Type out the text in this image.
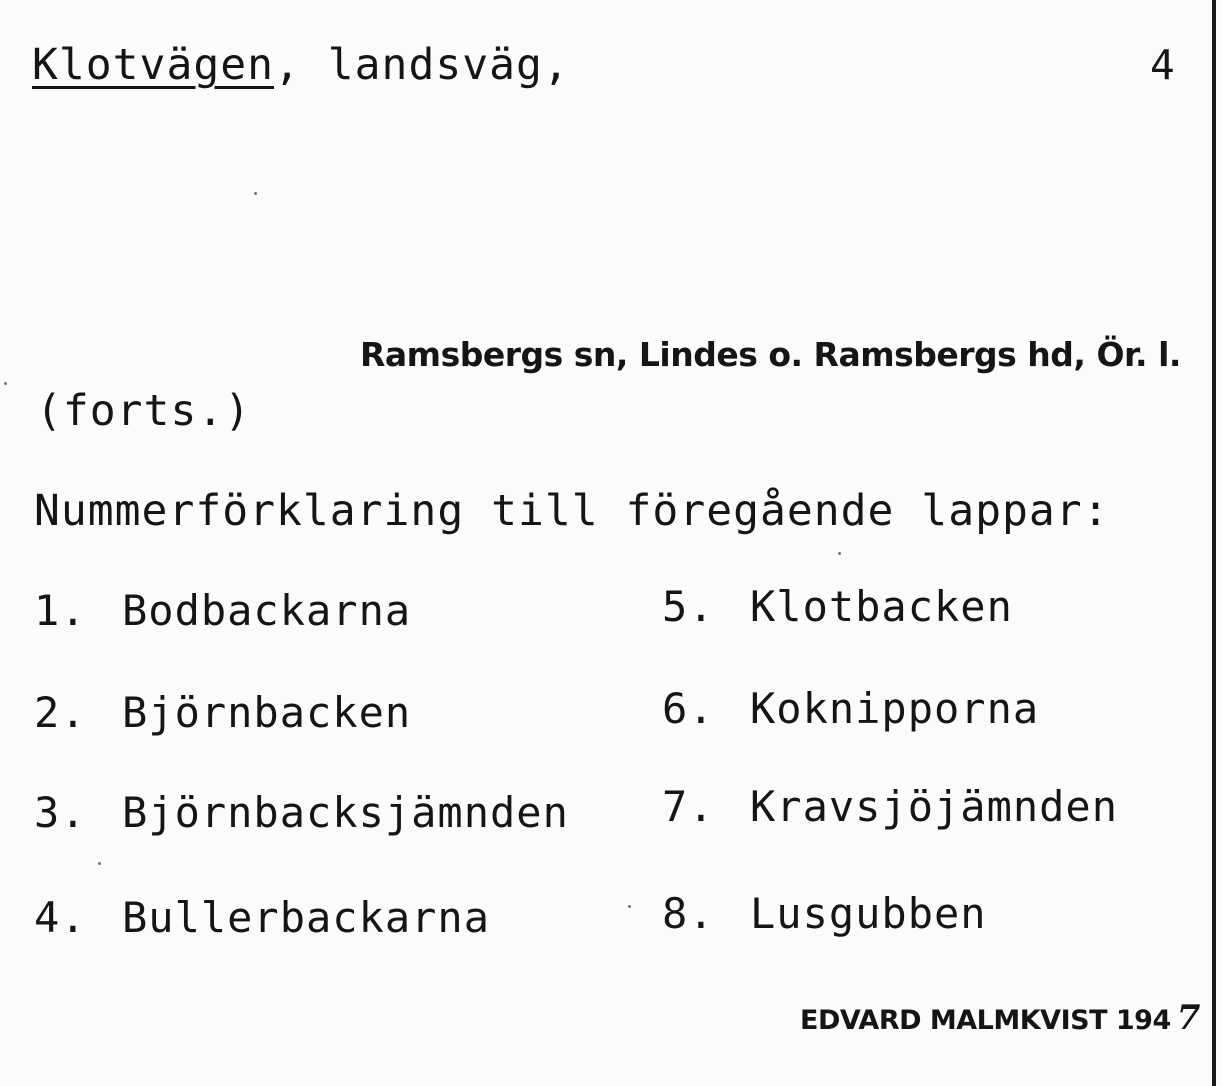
Klotvägen, landsväg,	4
Ramsbergs sn, Lindes o. Ramsbergs hd, Ör. l.
(forts.)
Nummerförklaring till föregående lappar:
1. Bodbackarna
2. Björnbacken
3. Björnbacksjämnden
4. Bullerbackarna
5. Klotbacken
6. Koknipporna
7. Kravsjöjämnden
8. Lusgubben
EDVARD MALMKVIST 194 7
